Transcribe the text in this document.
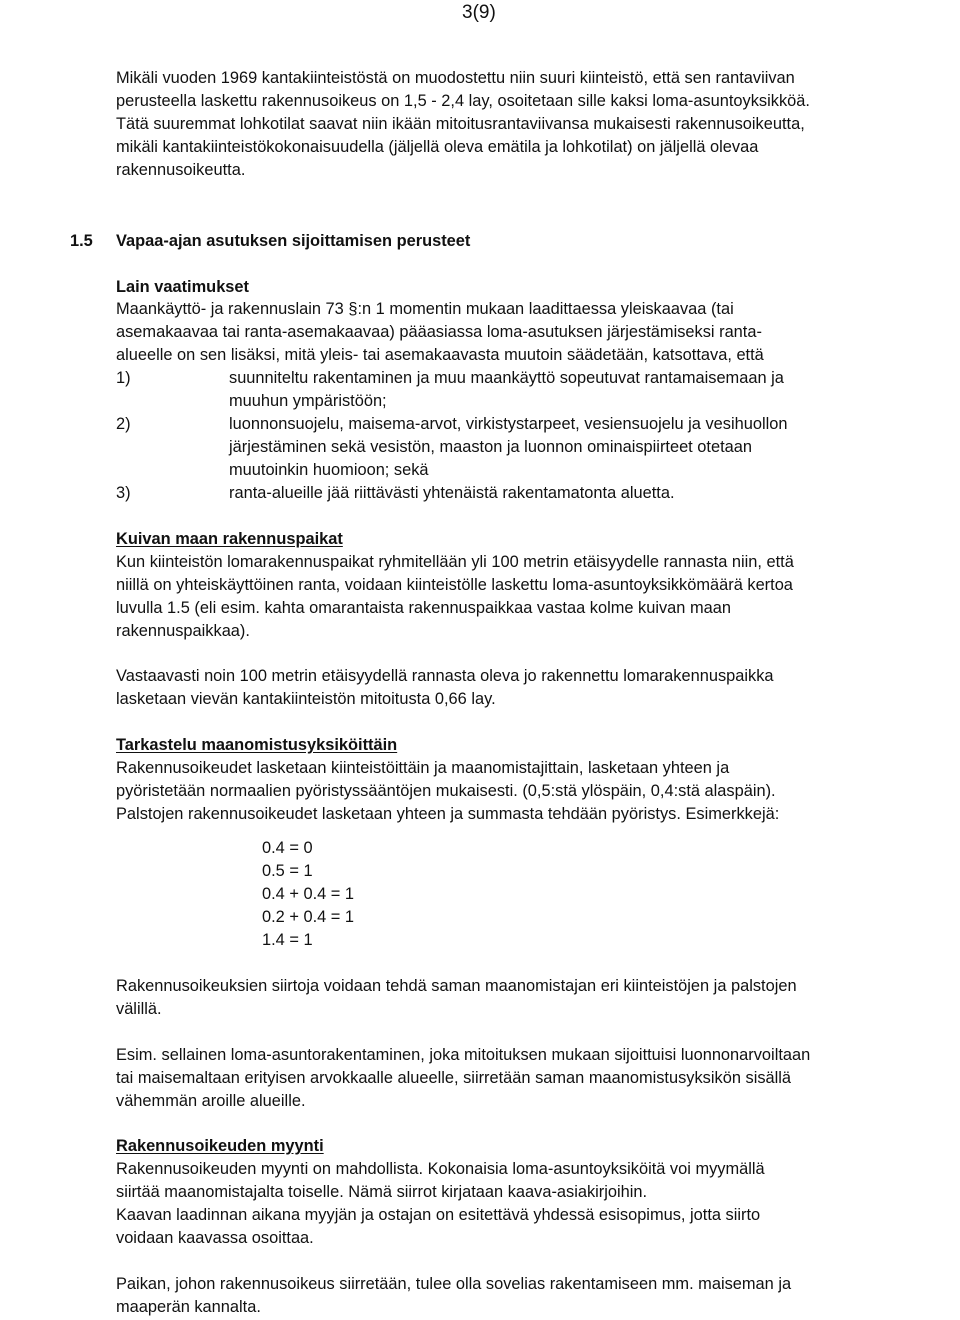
3(9)
Mikäli vuoden 1969 kantakiinteistöstä on muodostettu niin suuri kiinteistö, että sen rantaviivan
perusteella laskettu rakennusoikeus on 1,5 - 2,4 lay, osoitetaan sille kaksi loma-asuntoyksikköä.
Tätä suuremmat lohkotilat saavat niin ikään mitoitusrantaviivansa mukaisesti rakennusoikeutta,
mikäli kantakiinteistökokonaisuudella (jäljellä oleva emätila ja lohkotilat) on jäljellä olevaa
rakennusoikeutta.
1.5 Vapaa-ajan asutuksen sijoittamisen perusteet
Lain vaatimukset
Maankäyttö- ja rakennuslain 73 §:n 1 momentin mukaan laadittaessa yleiskaavaa (tai
asemakaavaa tai ranta-asemakaavaa) pääasiassa loma-asutuksen järjestämiseksi ranta-
alueelle on sen lisäksi, mitä yleis- tai asemakaavasta muutoin säädetään, katsottava, että
1)	suunniteltu rakentaminen ja muu maankäyttö sopeutuvat rantamaisemaan ja
muuhun ympäristöön;
2)	luonnonsuojelu, maisema-arvot, virkistystarpeet, vesiensuojelu ja vesihuollon
järjestäminen sekä vesistön, maaston ja luonnon ominaispiirteet otetaan
muutoinkin huomioon; sekä
3)	ranta-alueille jää riittävästi yhtenäistä rakentamatonta aluetta.
Kuivan maan rakennuspaikat
Kun kiinteistön lomarakennuspaikat ryhmitellään yli 100 metrin etäisyydelle rannasta niin, että
niillä on yhteiskäyttöinen ranta, voidaan kiinteistölle laskettu loma-asuntoyksikkömäärä kertoa
luvulla 1.5 (eli esim. kahta omarantaista rakennuspaikkaa vastaa kolme kuivan maan
rakennuspaikkaa).
Vastaavasti noin 100 metrin etäisyydellä rannasta oleva jo rakennettu lomarakennuspaikka
lasketaan vievän kantakiinteistön mitoitusta 0,66 lay.
Tarkastelu maanomistusyksiköittäin
Rakennusoikeudet lasketaan kiinteistöittäin ja maanomistajittain, lasketaan yhteen ja
pyöristetään normaalien pyöristyssääntöjen mukaisesti. (0,5:stä ylöspäin, 0,4:stä alaspäin).
Palstojen rakennusoikeudet lasketaan yhteen ja summasta tehdään pyöristys. Esimerkkejä:
0.4 = 0
0.5 = 1
0.4 + 0.4 = 1
0.2 + 0.4 = 1
1.4 = 1
Rakennusoikeuksien siirtoja voidaan tehdä saman maanomistajan eri kiinteistöjen ja palstojen
välillä.
Esim. sellainen loma-asuntorakentaminen, joka mitoituksen mukaan sijoittuisi luonnonarvoiltaan
tai maisemaltaan erityisen arvokkaalle alueelle, siirretään saman maanomistusyksikön sisällä
vähemmän aroille alueille.
Rakennusoikeuden myynti
Rakennusoikeuden myynti on mahdollista. Kokonaisia loma-asuntoyksiköitä voi myymällä
siirtää maanomistajalta toiselle. Nämä siirrot kirjataan kaava-asiakirjoihin.
Kaavan laadinnan aikana myyjän ja ostajan on esitettävä yhdessä esisopimus, jotta siirto
voidaan kaavassa osoittaa.
Paikan, johon rakennusoikeus siirretään, tulee olla sovelias rakentamiseen mm. maiseman ja
maaperän kannalta.
